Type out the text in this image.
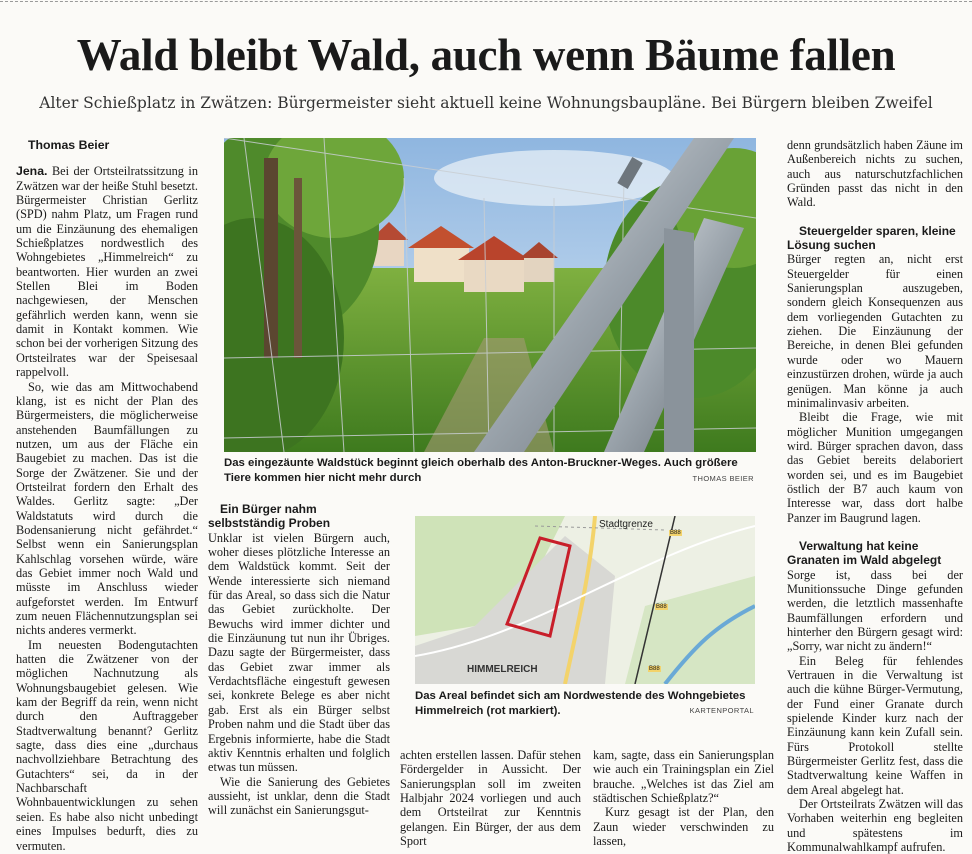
Wald bleibt Wald, auch wenn Bäume fallen
Alter Schießplatz in Zwätzen: Bürgermeister sieht aktuell keine Wohnungsbaupläne. Bei Bürgern bleiben Zweifel

Thomas Beier

Jena. Bei der Ortsteilratssitzung in Zwätzen war der heiße Stuhl besetzt. Bürgermeister Christian Gerlitz (SPD) nahm Platz, um Fragen rund um die Einzäunung des ehemaligen Schießplatzes nordwestlich des Wohngebietes „Himmelreich“ zu beantworten. Hier wurden an zwei Stellen Blei im Boden nachgewiesen, der Menschen gefährlich werden kann, wenn sie damit in Kontakt kommen. Wie schon bei der vorherigen Sitzung des Ortsteilrates war der Speisesaal rappelvoll.

So, wie das am Mittwochabend klang, ist es nicht der Plan des Bürgermeisters, die möglicherweise anstehenden Baumfällungen zu nutzen, um aus der Fläche ein Baugebiet zu machen. Das ist die Sorge der Zwätzener. Sie und der Ortsteilrat fordern den Erhalt des Waldes. Gerlitz sagte: „Der Waldstatuts wird durch die Bodensanierung nicht gefährdet.“ Selbst wenn ein Sanierungsplan Kahlschlag vorsehen würde, wäre das Gebiet immer noch Wald und müsste im Anschluss wieder aufgeforstet werden. Im Entwurf zum neuen Flächennutzungsplan sei nichts anderes vermerkt.

Im neuesten Bodengutachten hatten die Zwätzener von der möglichen Nachnutzung als Wohnungsbaugebiet gelesen. Wie kam der Begriff da rein, wenn nicht durch den Auftraggeber Stadtverwaltung benannt? Gerlitz sagte, dass dies eine „durchaus nachvollziehbare Betrachtung des Gutachters“ sei, da in der Nachbarschaft Wohnbauentwicklungen zu sehen seien. Es habe also nicht unbedingt eines Impulses bedurft, dies zu vermuten.

Das eingezäunte Waldstück beginnt gleich oberhalb des Anton-Bruckner-Weges. Auch größere Tiere kommen hier nicht mehr durch	THOMAS BEIER

Ein Bürger nahm selbstständig Proben

Unklar ist vielen Bürgern auch, woher dieses plötzliche Interesse an dem Waldstück kommt. Seit der Wende interessierte sich niemand für das Areal, so dass sich die Natur das Gebiet zurückholte. Der Bewuchs wird immer dichter und die Einzäunung tut nun ihr Übriges. Dazu sagte der Bürgermeister, dass das Gebiet zwar immer als Verdachtsfläche eingestuft gewesen sei, konkrete Belege es aber nicht gab. Erst als ein Bürger selbst Proben nahm und die Stadt über das Ergebnis informierte, habe die Stadt aktiv Kenntnis erhalten und folglich etwas tun müssen.

Wie die Sanierung des Gebietes aussieht, ist unklar, denn die Stadt will zunächst ein Sanierungsgut-

Stadtgrenze
B88
B88
B88
HIMMELREICH
Das Areal befindet sich am Nordwestende des Wohngebietes Himmelreich (rot markiert).	KARTENPORTAL

achten erstellen lassen. Dafür stehen Fördergelder in Aussicht. Der Sanierungsplan soll im zweiten Halbjahr 2024 vorliegen und auch dem Ortsteilrat zur Kenntnis gelangen. Ein Bürger, der aus dem Sport

kam, sagte, dass ein Sanierungsplan wie auch ein Trainingsplan ein Ziel brauche. „Welches ist das Ziel am städtischen Schießplatz?“

Kurz gesagt ist der Plan, den Zaun wieder verschwinden zu lassen,

denn grundsätzlich haben Zäune im Außenbereich nichts zu suchen, auch aus naturschutzfachlichen Gründen passt das nicht in den Wald.

Steuergelder sparen, kleine Lösung suchen

Bürger regten an, nicht erst Steuergelder für einen Sanierungsplan auszugeben, sondern gleich Konsequenzen aus dem vorliegenden Gutachten zu ziehen. Die Einzäunung der Bereiche, in denen Blei gefunden wurde oder wo Mauern einzustürzen drohen, würde ja auch genügen. Man könne ja auch minimalinvasiv arbeiten.

Bleibt die Frage, wie mit möglicher Munition umgegangen wird. Bürger sprachen davon, dass das Gebiet bereits delaboriert worden sei, und es im Baugebiet östlich der B7 auch kaum von Interesse war, dass dort halbe Panzer im Baugrund lagen.

Verwaltung hat keine Granaten im Wald abgelegt

Sorge ist, dass bei der Munitionssuche Dinge gefunden werden, die letztlich massenhafte Baumfällungen erfordern und hinterher den Bürgern gesagt wird: „Sorry, war nicht zu ändern!“

Ein Beleg für fehlendes Vertrauen in die Verwaltung ist auch die kühne Bürger-Vermutung, der Fund einer Granate durch spielende Kinder kurz nach der Einzäunung kann kein Zufall sein. Fürs Protokoll stellte Bürgermeister Gerlitz fest, dass die Stadtverwaltung keine Waffen in dem Areal abgelegt hat.

Der Ortsteilrats Zwätzen will das Vorhaben weiterhin eng begleiten und spätestens im Kommunalwahlkampf aufrufen.
